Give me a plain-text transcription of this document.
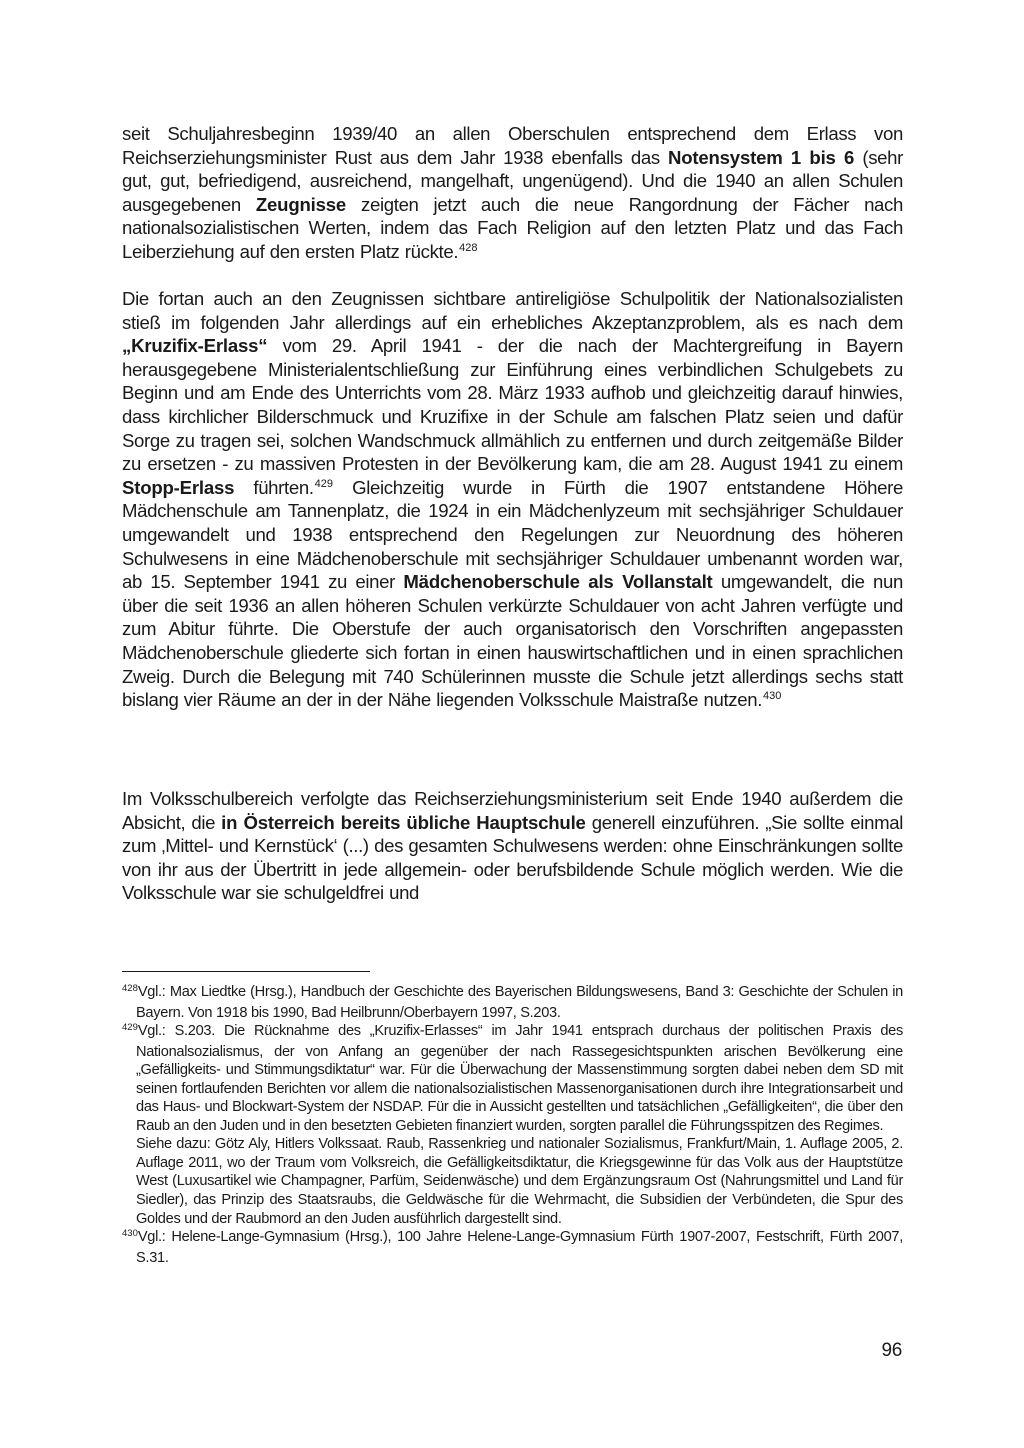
seit Schuljahresbeginn 1939/40 an allen Oberschulen entsprechend dem Erlass von Reichserziehungsminister Rust aus dem Jahr 1938 ebenfalls das Notensystem 1 bis 6 (sehr gut, gut, befriedigend, ausreichend, mangelhaft, ungenügend). Und die 1940 an allen Schulen ausgegebenen Zeugnisse zeigten jetzt auch die neue Rangordnung der Fächer nach nationalsozialistischen Werten, indem das Fach Religion auf den letzten Platz und das Fach Leiberziehung auf den ersten Platz rückte.$^{428}$

Die fortan auch an den Zeugnissen sichtbare antireligiöse Schulpolitik der Nationalsozialisten stieß im folgenden Jahr allerdings auf ein erhebliches Akzeptanzproblem, als es nach dem „Kruzifix-Erlass“ vom 29. April 1941 - der die nach der Machtergreifung in Bayern herausgegebene Ministerialentschließung zur Einführung eines verbindlichen Schulgebets zu Beginn und am Ende des Unterrichts vom 28. März 1933 aufhob und gleichzeitig darauf hinwies, dass kirchlicher Bilderschmuck und Kruzifixe in der Schule am falschen Platz seien und dafür Sorge zu tragen sei, solchen Wandschmuck allmählich zu entfernen und durch zeitgemäße Bilder zu ersetzen - zu massiven Protesten in der Bevölkerung kam, die am 28. August 1941 zu einem Stopp-Erlass führten.$^{429}$ Gleichzeitig wurde in Fürth die 1907 entstandene Höhere Mädchenschule am Tannenplatz, die 1924 in ein Mädchenlyzeum mit sechsjähriger Schuldauer umgewandelt und 1938 entsprechend den Regelungen zur Neuordnung des höheren Schulwesens in eine Mädchenoberschule mit sechsjähriger Schuldauer umbenannt worden war, ab 15. September 1941 zu einer Mädchenoberschule als Vollanstalt umgewandelt, die nun über die seit 1936 an allen höheren Schulen verkürzte Schuldauer von acht Jahren verfügte und zum Abitur führte. Die Oberstufe der auch organisatorisch den Vorschriften angepassten Mädchenoberschule gliederte sich fortan in einen hauswirtschaftlichen und in einen sprachlichen Zweig. Durch die Belegung mit 740 Schülerinnen musste die Schule jetzt allerdings sechs statt bislang vier Räume an der in der Nähe liegenden Volksschule Maistraße nutzen.$^{430}$

Im Volksschulbereich verfolgte das Reichserziehungsministerium seit Ende 1940 außerdem die Absicht, die in Österreich bereits übliche Hauptschule generell einzuführen. „Sie sollte einmal zum ‚Mittel- und Kernstück‘ (...) des gesamten Schulwesens werden: ohne Einschränkungen sollte von ihr aus der Übertritt in jede allgemein- oder berufsbildende Schule möglich werden. Wie die Volksschule war sie schulgeldfrei und

$^{428}$Vgl.: Max Liedtke (Hrsg.), Handbuch der Geschichte des Bayerischen Bildungswesens, Band 3: Geschichte der Schulen in Bayern. Von 1918 bis 1990, Bad Heilbrunn/Oberbayern 1997, S.203.

$^{429}$Vgl.: S.203. Die Rücknahme des „Kruzifix-Erlasses“ im Jahr 1941 entsprach durchaus der politischen Praxis des Nationalsozialismus, der von Anfang an gegenüber der nach Rassegesichtspunkten arischen Bevölkerung eine „Gefälligkeits- und Stimmungsdiktatur“ war. Für die Überwachung der Massenstimmung sorgten dabei neben dem SD mit seinen fortlaufenden Berichten vor allem die nationalsozialistischen Massenorganisationen durch ihre Integrationsarbeit und das Haus- und Blockwart-System der NSDAP. Für die in Aussicht gestellten und tatsächlichen „Gefälligkeiten“, die über den Raub an den Juden und in den besetzten Gebieten finanziert wurden, sorgten parallel die Führungsspitzen des Regimes.

Siehe dazu: Götz Aly, Hitlers Volkssaat. Raub, Rassenkrieg und nationaler Sozialismus, Frankfurt/Main, 1. Auflage 2005, 2. Auflage 2011, wo der Traum vom Volksreich, die Gefälligkeitsdiktatur, die Kriegsgewinne für das Volk aus der Hauptstütze West (Luxusartikel wie Champagner, Parfüm, Seidenwäsche) und dem Ergänzungsraum Ost (Nahrungsmittel und Land für Siedler), das Prinzip des Staatsraubs, die Geldwäsche für die Wehrmacht, die Subsidien der Verbündeten, die Spur des Goldes und der Raubmord an den Juden ausführlich dargestellt sind.

$^{430}$Vgl.: Helene-Lange-Gymnasium (Hrsg.), 100 Jahre Helene-Lange-Gymnasium Fürth 1907-2007, Festschrift, Fürth 2007, S.31.

96
